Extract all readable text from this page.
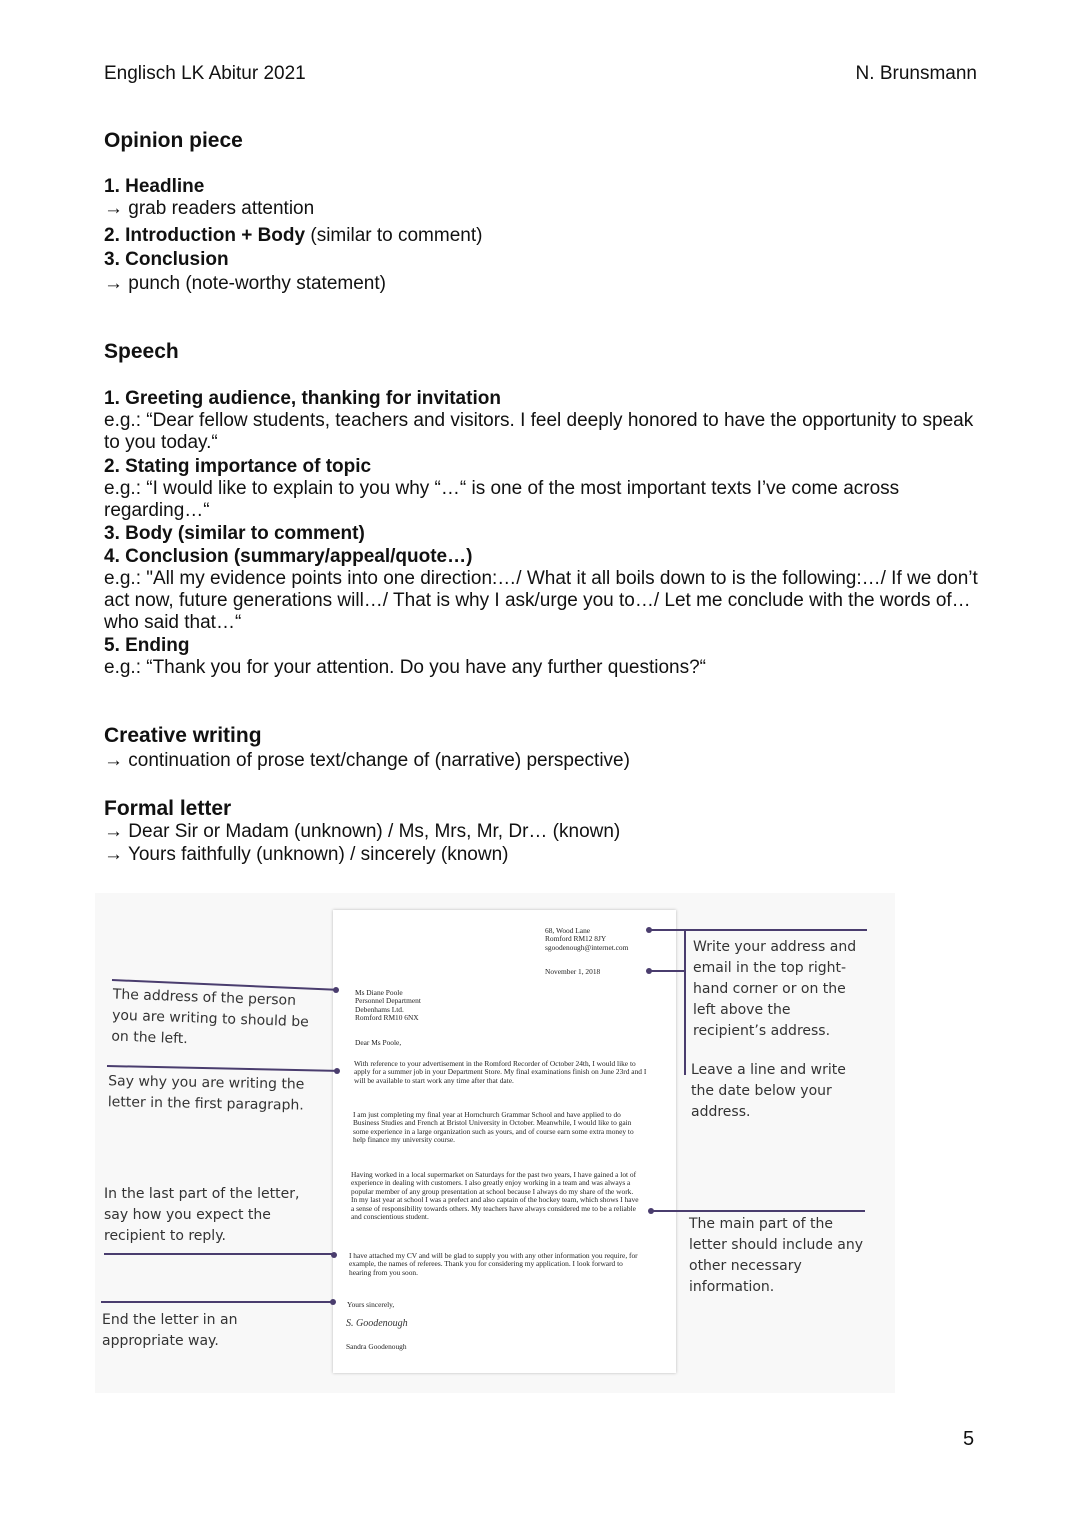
Englisch LK Abitur 2021	N. Brunsmann
Opinion piece
1. Headline
→ grab readers attention
2. Introduction + Body (similar to comment)
3. Conclusion
→ punch (note-worthy statement)
Speech
1. Greeting audience, thanking for invitation
e.g.: “Dear fellow students, teachers and visitors. I feel deeply honored to have the opportunity to speak to you today.“
2. Stating importance of topic
e.g.: “I would like to explain to you why “…“ is one of the most important texts I’ve come across regarding…“
3. Body (similar to comment)
4. Conclusion (summary/appeal/quote…)
e.g.: "All my evidence points into one direction:…/ What it all boils down to is the following:…/ If we don’t act now, future generations will…/ That is why I ask/urge you to…/ Let me conclude with the words of…who said that…“
5. Ending
e.g.: “Thank you for your attention. Do you have any further questions?“
Creative writing
→ continuation of prose text/change of (narrative) perspective)
Formal letter
→ Dear Sir or Madam (unknown) / Ms, Mrs, Mr, Dr… (known)
→ Yours faithfully (unknown) / sincerely (known)
68, Wood Lane
Romford RM12 8JY
sgoodenough@internet.com
November 1, 2018
Ms Diane Poole
Personnel Department
Debenhams Ltd.
Romford RM10 6NX
Dear Ms Poole,
With reference to your advertisement in the Romford Recorder of October 24th, I would like to apply for a summer job in your Department Store. My final examinations finish on June 23rd and I will be available to start work any time after that date.
I am just completing my final year at Hornchurch Grammar School and have applied to do Business Studies and French at Bristol University in October. Meanwhile, I would like to gain some experience in a large organization such as yours, and of course earn some extra money to help finance my university course.
Having worked in a local supermarket on Saturdays for the past two years, I have gained a lot of experience in dealing with customers. I also greatly enjoy working in a team and was always a popular member of any group presentation at school because I always do my share of the work. In my last year at school I was a prefect and also captain of the hockey team, which shows I have a sense of responsibility towards others. My teachers have always considered me to be a reliable and conscientious student.
I have attached my CV and will be glad to supply you with any other information you require, for example, the names of referees. Thank you for considering my application. I look forward to hearing from you soon.
Yours sincerely,
S. Goodenough
Sandra Goodenough
The address of the person you are writing to should be on the left.
Say why you are writing the letter in the first paragraph.
In the last part of the letter, say how you expect the recipient to reply.
End the letter in an appropriate way.
Write your address and email in the top right-hand corner or on the left above the recipient’s address.
Leave a line and write the date below your address.
The main part of the letter should include any other necessary information.
5
